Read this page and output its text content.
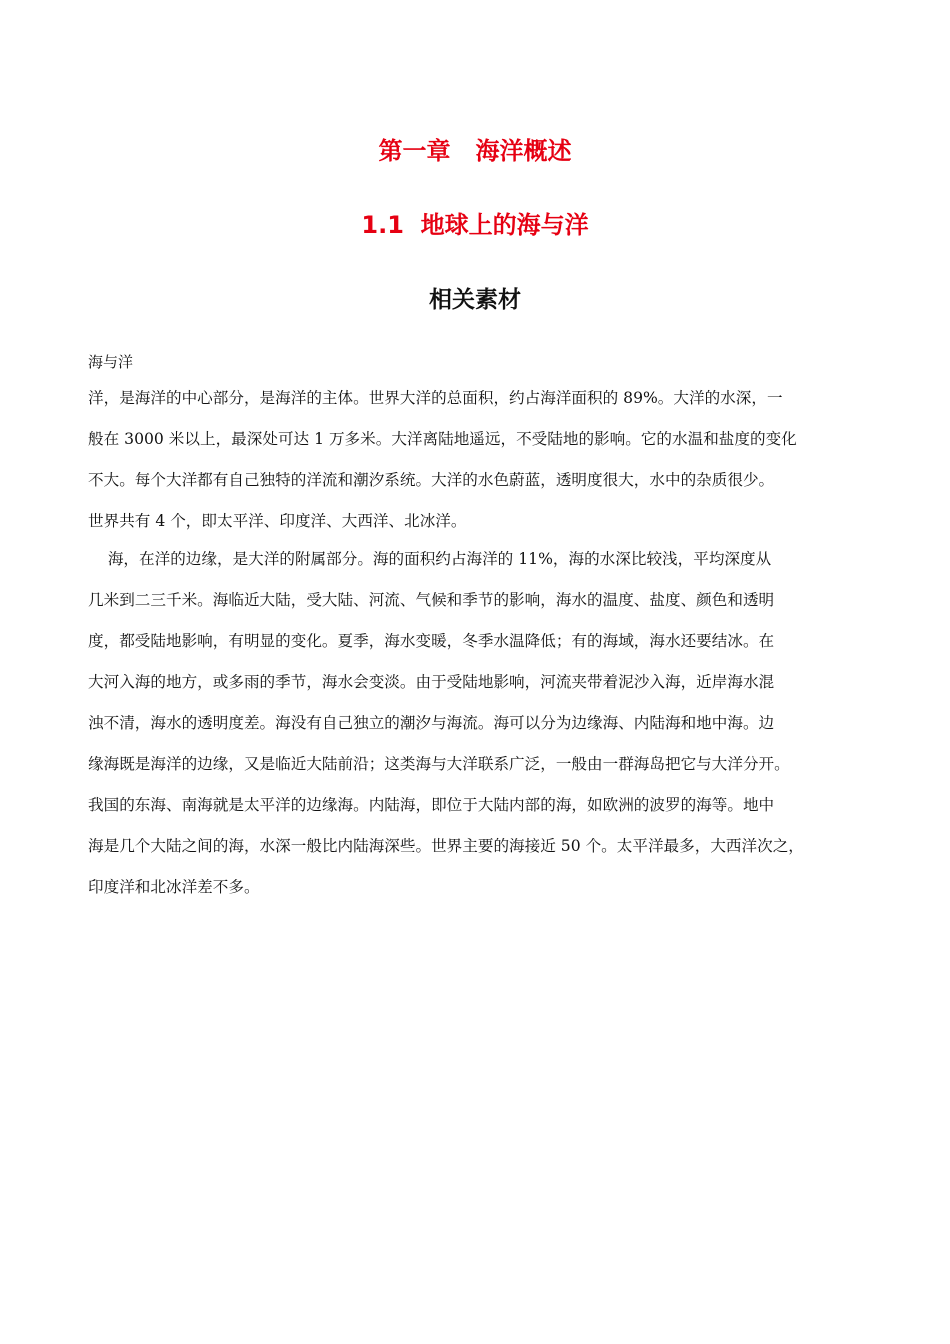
第一章   海洋概述
1.1  地球上的海与洋
相关素材
海与洋
洋，是海洋的中心部分，是海洋的主体。世界大洋的总面积，约占海洋面积的 89%。大洋的水深，一
般在 3000 米以上，最深处可达 1 万多米。大洋离陆地遥远，不受陆地的影响。它的水温和盐度的变化
不大。每个大洋都有自己独特的洋流和潮汐系统。大洋的水色蔚蓝，透明度很大，水中的杂质很少。
世界共有 4 个，即太平洋、印度洋、大西洋、北冰洋。
海，在洋的边缘，是大洋的附属部分。海的面积约占海洋的 11%，海的水深比较浅，平均深度从
几米到二三千米。海临近大陆，受大陆、河流、气候和季节的影响，海水的温度、盐度、颜色和透明
度，都受陆地影响，有明显的变化。夏季，海水变暖，冬季水温降低；有的海域，海水还要结冰。在
大河入海的地方，或多雨的季节，海水会变淡。由于受陆地影响，河流夹带着泥沙入海，近岸海水混
浊不清，海水的透明度差。海没有自己独立的潮汐与海流。海可以分为边缘海、内陆海和地中海。边
缘海既是海洋的边缘，又是临近大陆前沿；这类海与大洋联系广泛，一般由一群海岛把它与大洋分开。
我国的东海、南海就是太平洋的边缘海。内陆海，即位于大陆内部的海，如欧洲的波罗的海等。地中
海是几个大陆之间的海，水深一般比内陆海深些。世界主要的海接近 50 个。太平洋最多，大西洋次之，
印度洋和北冰洋差不多。
